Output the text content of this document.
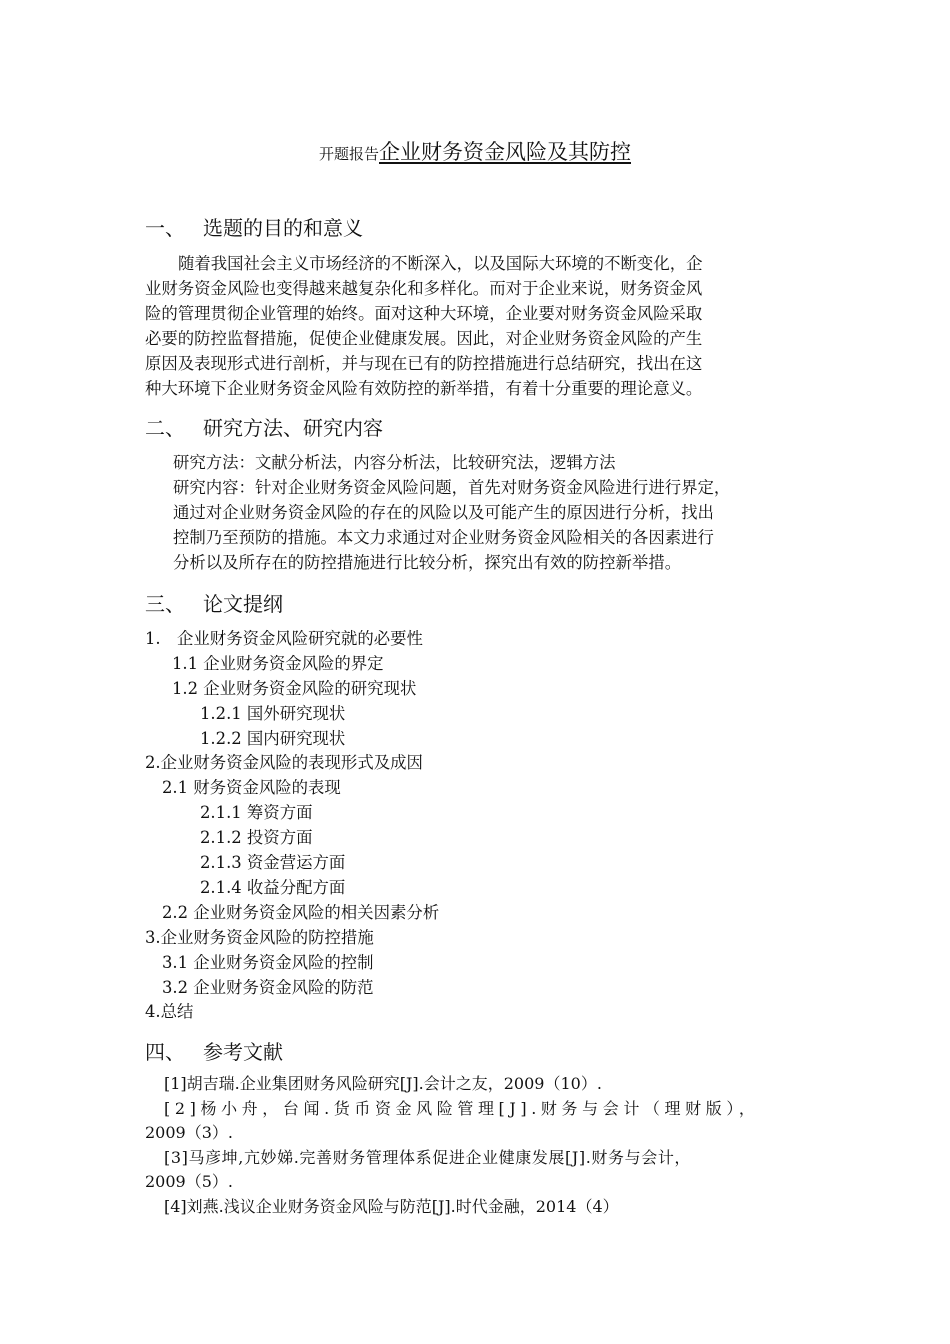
开题报告企业财务资金风险及其防控
一、 选题的目的和意义
随着我国社会主义市场经济的不断深入，以及国际大环境的不断变化，企
业财务资金风险也变得越来越复杂化和多样化。而对于企业来说，财务资金风
险的管理贯彻企业管理的始终。面对这种大环境，企业要对财务资金风险采取
必要的防控监督措施，促使企业健康发展。因此，对企业财务资金风险的产生
原因及表现形式进行剖析，并与现在已有的防控措施进行总结研究，找出在这
种大环境下企业财务资金风险有效防控的新举措，有着十分重要的理论意义。
二、 研究方法、研究内容
研究方法：文献分析法，内容分析法，比较研究法，逻辑方法
研究内容：针对企业财务资金风险问题，首先对财务资金风险进行进行界定，
通过对企业财务资金风险的存在的风险以及可能产生的原因进行分析，找出
控制乃至预防的措施。本文力求通过对企业财务资金风险相关的各因素进行
分析以及所存在的防控措施进行比较分析，探究出有效的防控新举措。
三、 论文提纲
1.　企业财务资金风险研究就的必要性
1.1 企业财务资金风险的界定
1.2 企业财务资金风险的研究现状
1.2.1 国外研究现状
1.2.2 国内研究现状
2.企业财务资金风险的表现形式及成因
2.1 财务资金风险的表现
2.1.1 筹资方面
2.1.2 投资方面
2.1.3 资金营运方面
2.1.4 收益分配方面
2.2 企业财务资金风险的相关因素分析
3.企业财务资金风险的防控措施
3.1 企业财务资金风险的控制
3.2 企业财务资金风险的防范
4.总结
四、 参考文献
[1]胡吉瑞.企业集团财务风险研究[J].会计之友，2009（10）.
[2]杨小舟，台闻.货币资金风险管理[J].财务与会计（理财版），
2009（3）.
[3]马彦坤,亢妙娣.完善财务管理体系促进企业健康发展[J].财务与会计，
2009（5）.
[4]刘燕.浅议企业财务资金风险与防范[J].时代金融，2014（4）
